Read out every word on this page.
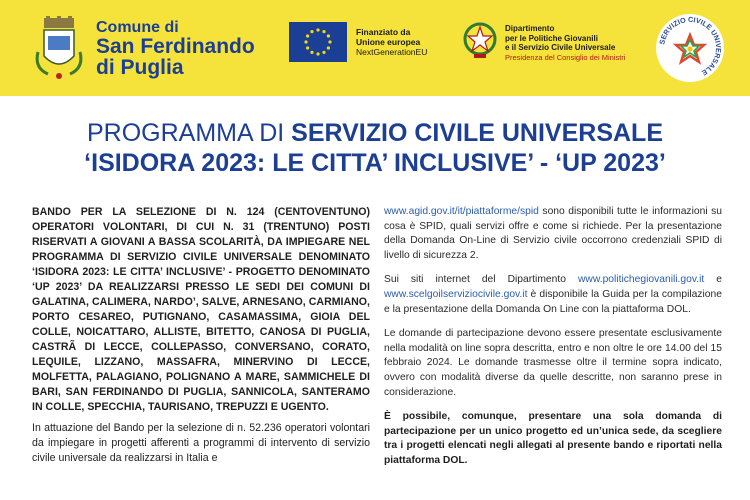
Comune di
San Ferdinando
di Puglia
Finanziato da
Unione europea
NextGenerationEU
Dipartimento
per le Politiche Giovanili
e il Servizio Civile Universale
Presidenza del Consiglio dei Ministri
SERVIZIO CIVILE UNIVERSALE
PROGRAMMA DI SERVIZIO CIVILE UNIVERSALE
‘ISIDORA 2023: LE CITTA’ INCLUSIVE’ - ‘UP 2023’
BANDO PER LA SELEZIONE DI N. 124 (CENTOVENTUNO) OPERATORI VOLONTARI, DI CUI N. 31 (TRENTUNO) POSTI RISERVATI A GIOVANI A BASSA SCOLARITÀ, DA IMPIEGARE NEL PROGRAMMA DI SERVIZIO CIVILE UNIVERSALE DENOMINATO ‘ISIDORA 2023: LE CITTA’ INCLUSIVE’ - PROGETTO DENOMINATO ‘UP 2023’ DA REALIZZARSI PRESSO LE SEDI DEI COMUNI DI GALATINA, CALIMERA, NARDO’, SALVE, ARNESANO, CARMIANO, PORTO CESAREO, PUTIGNANO, CASAMASSIMA, GIOIA DEL COLLE, NOICATTARO, ALLISTE, BITETTO, CANOSA DI PUGLIA, CASTRÃ DI LECCE, COLLEPASSO, CONVERSANO, CORATO, LEQUILE, LIZZANO, MASSAFRA, MINERVINO DI LECCE, MOLFETTA, PALAGIANO, POLIGNANO A MARE, SAMMICHELE DI BARI, SAN FERDINANDO DI PUGLIA, SANNICOLA, SANTERAMO IN COLLE, SPECCHIA, TAURISANO, TREPUZZI E UGENTO.
In attuazione del Bando per la selezione di n. 52.236 operatori volontari da impiegare in progetti afferenti a programmi di intervento di servizio civile universale da realizzarsi in Italia e

www.agid.gov.it/it/piattaforme/spid sono disponibili tutte le informazioni su cosa è SPID, quali servizi offre e come si richiede. Per la presentazione della Domanda On-Line di Servizio civile occorrono credenziali SPID di livello di sicurezza 2.

Sui siti internet del Dipartimento www.politichegiovanili.gov.it e www.scelgoilserviziocivile.gov.it è disponibile la Guida per la compilazione e la presentazione della Domanda On Line con la piattaforma DOL.

Le domande di partecipazione devono essere presentate esclusivamente nella modalità on line sopra descritta, entro e non oltre le ore 14.00 del 15 febbraio 2024. Le domande trasmesse oltre il termine sopra indicato, ovvero con modalità diverse da quelle descritte, non saranno prese in considerazione.

È possibile, comunque, presentare una sola domanda di partecipazione per un unico progetto ed un’unica sede, da scegliere tra i progetti elencati negli allegati al presente bando e riportati nella piattaforma DOL.
